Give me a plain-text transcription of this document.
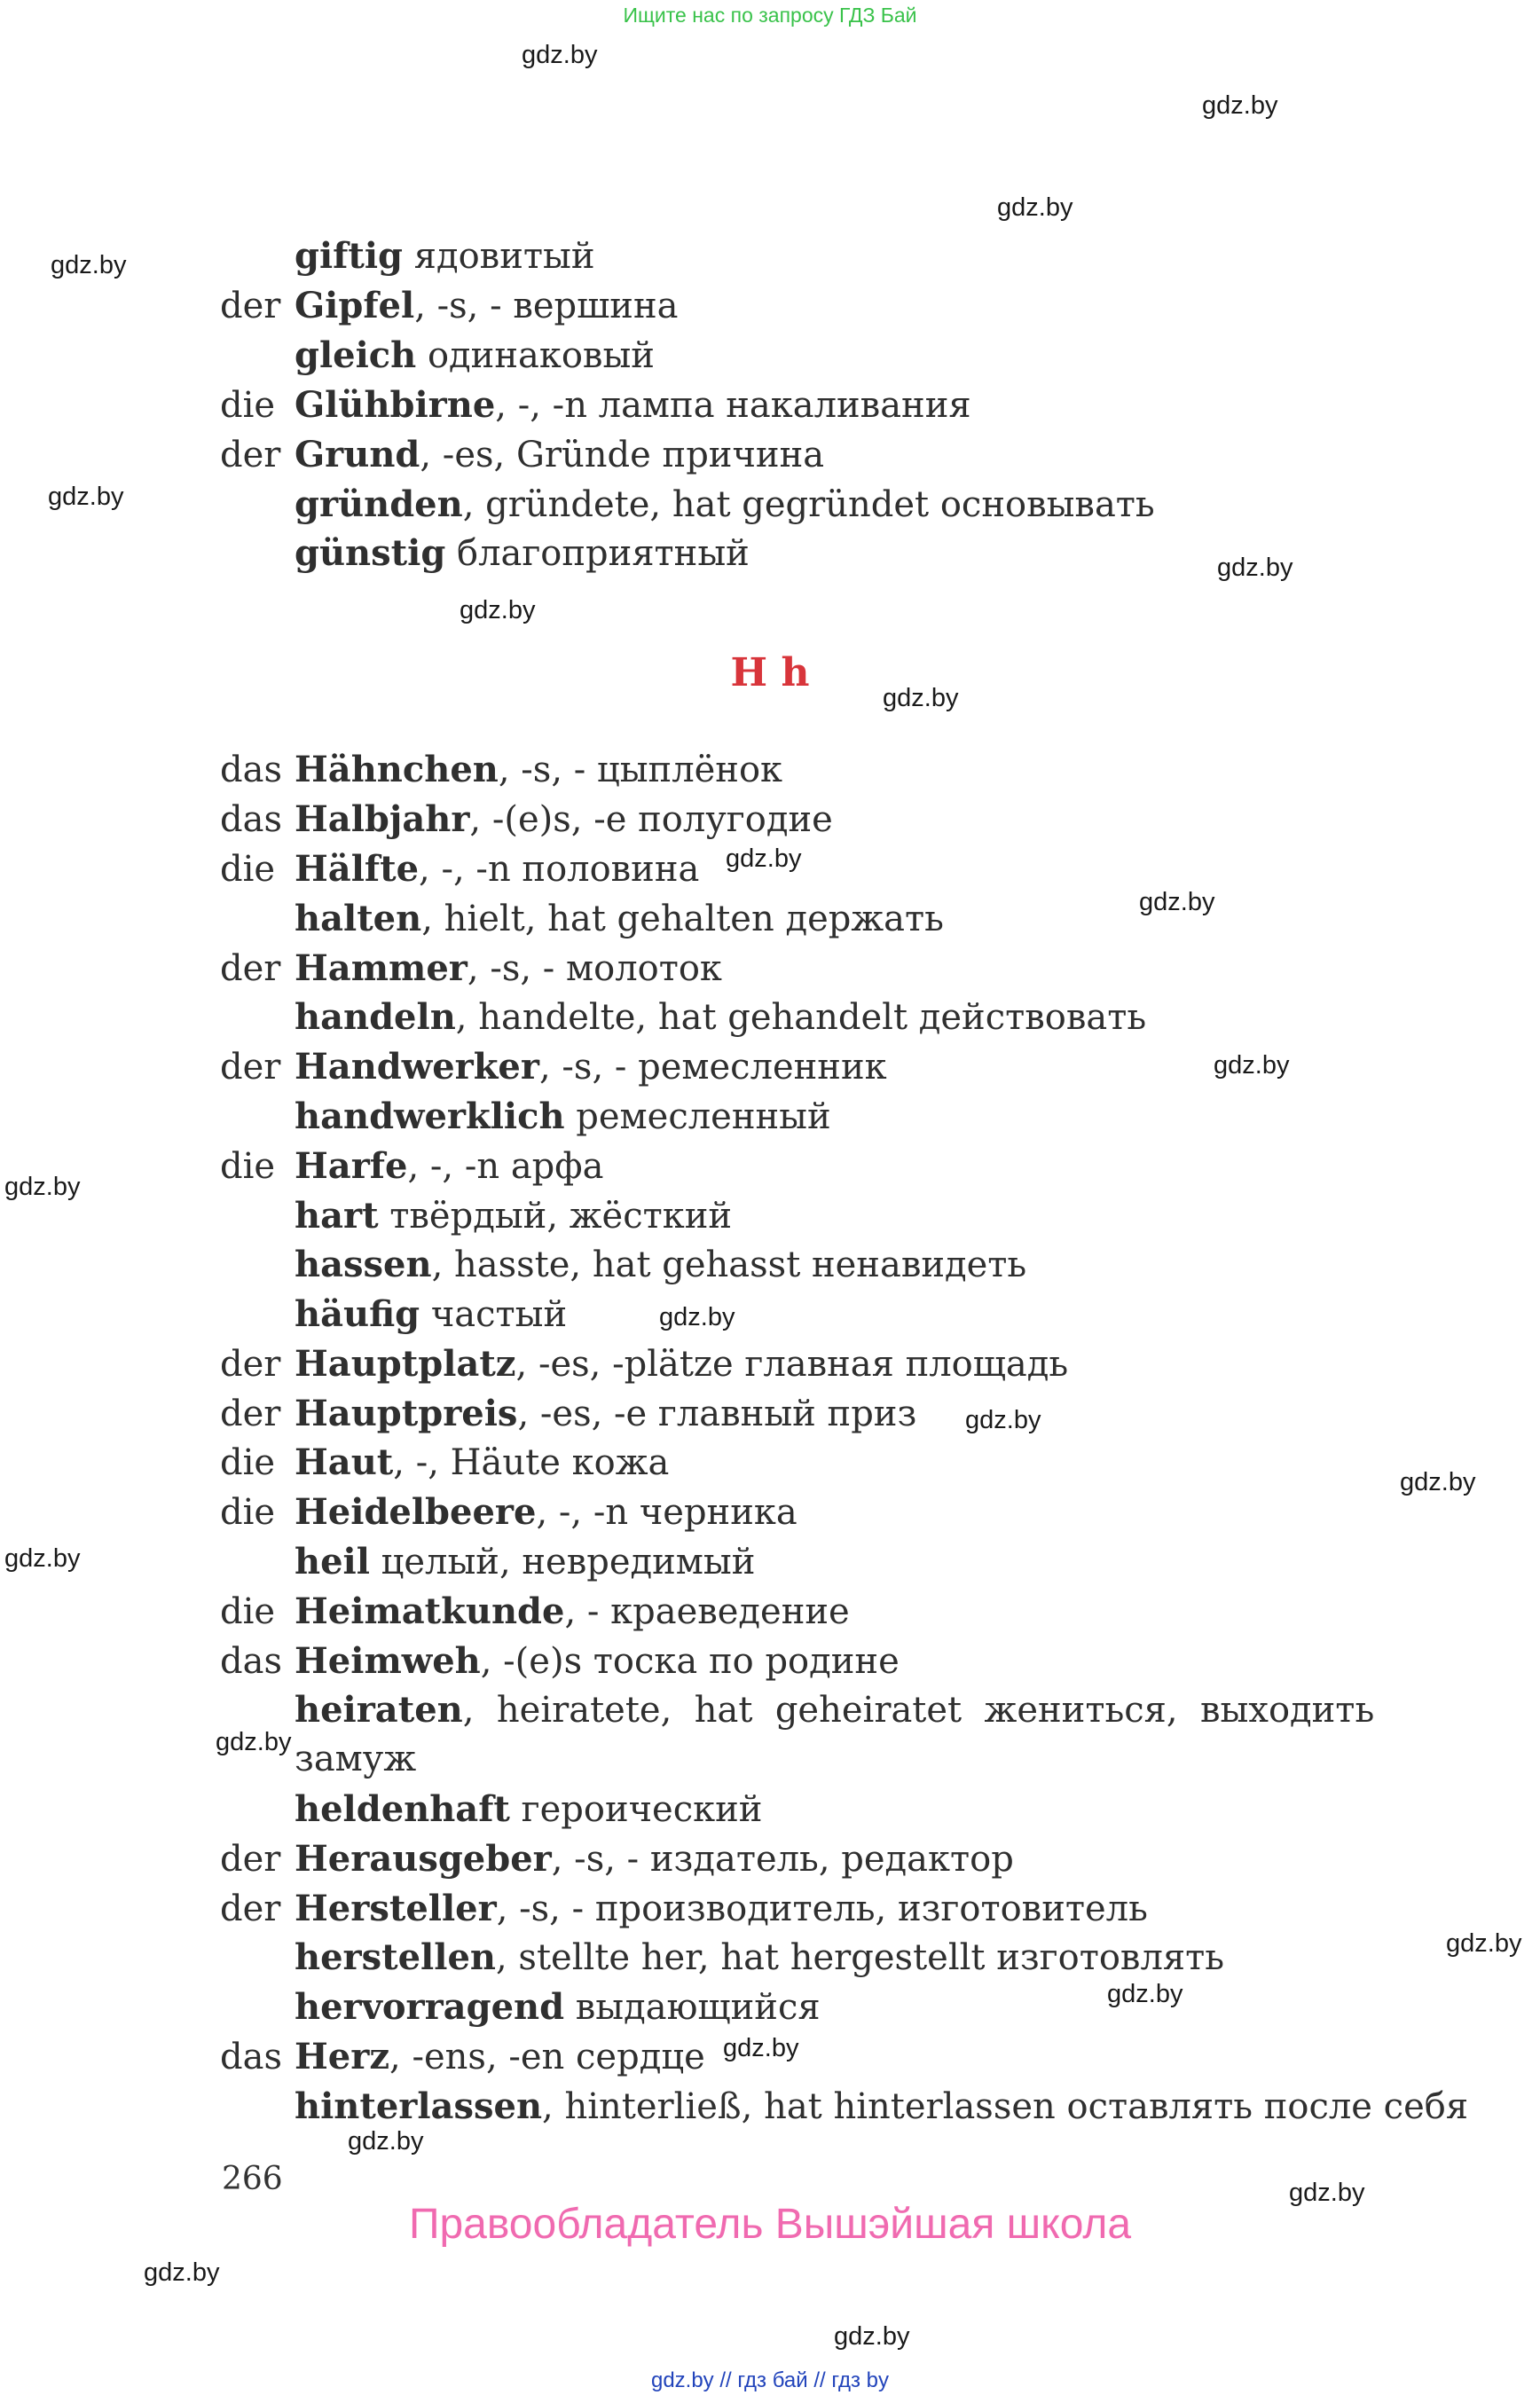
Ищите нас по запросу ГДЗ Бай
giftig ядовитый
der Gipfel, -s, - вершина
gleich одинаковый
die Glühbirne, -, -n лампа накаливания
der Grund, -es, Gründe причина
gründen, gründete, hat gegründet основывать
günstig благоприятный
H h
das Hähnchen, -s, - цыплёнок
das Halbjahr, -(e)s, -e полугодие
die Hälfte, -, -n половина
halten, hielt, hat gehalten держать
der Hammer, -s, - молоток
handeln, handelte, hat gehandelt действовать
der Handwerker, -s, - ремесленник
handwerklich ремесленный
die Harfe, -, -n арфа
hart твёрдый, жёсткий
hassen, hasste, hat gehasst ненавидеть
häufig частый
der Hauptplatz, -es, -plätze главная площадь
der Hauptpreis, -es, -e главный приз
die Haut, -, Häute кожа
die Heidelbeere, -, -n черника
heil целый, невредимый
die Heimatkunde, - краеведение
das Heimweh, -(e)s тоска по родине
heiraten,  heiratete,  hat  geheiratet  жениться,  выходить
замуж
heldenhaft героический
der Herausgeber, -s, - издатель, редактор
der Hersteller, -s, - производитель, изготовитель
herstellen, stellte her, hat hergestellt изготовлять
hervorragend выдающийся
das Herz, -ens, -en сердце
hinterlassen, hinterließ, hat hinterlassen оставлять после себя
266
Правообладатель Вышэйшая школа
gdz.by // гдз бай // гдз by
gdz.by
gdz.by
gdz.by
gdz.by
gdz.by
gdz.by
gdz.by
gdz.by
gdz.by
gdz.by
gdz.by
gdz.by
gdz.by
gdz.by
gdz.by
gdz.by
gdz.by
gdz.by
gdz.by
gdz.by
gdz.by
gdz.by
gdz.by
gdz.by
